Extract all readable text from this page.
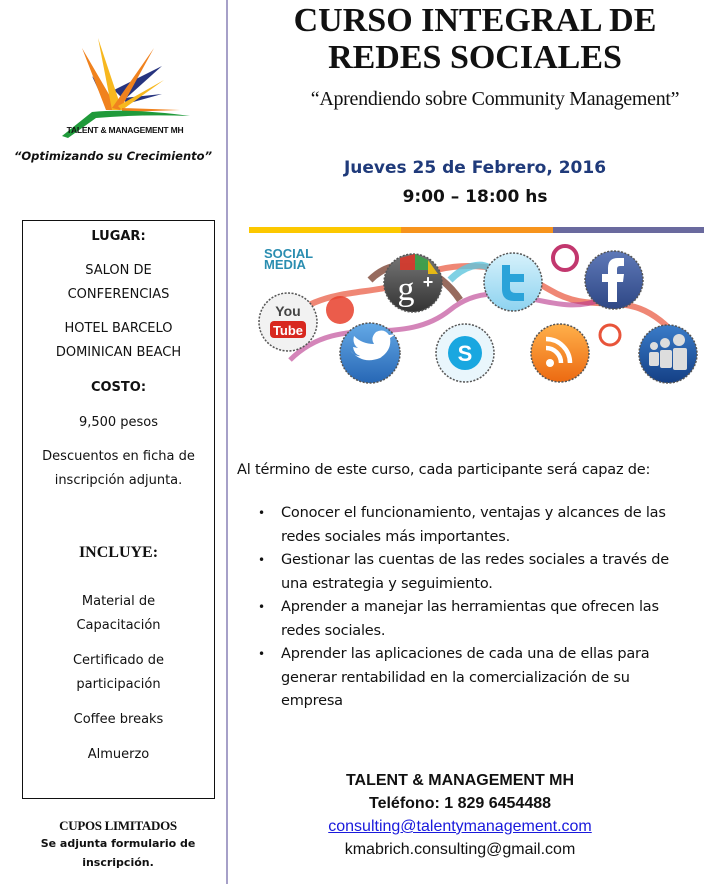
TALENT & MANAGEMENT MH
“Optimizando su Crecimiento”
LUGAR:
SALON DE
CONFERENCIAS
HOTEL BARCELO
DOMINICAN BEACH
COSTO:
9,500 pesos
Descuentos en ficha de
inscripción adjunta.
INCLUYE:
Material de
Capacitación
Certificado de
participación
Coffee breaks
Almuerzo
CUPOS LIMITADOS
Se adjunta formulario de
inscripción.
CURSO INTEGRAL DE
REDES SOCIALES
“Aprendiendo sobre Community Management”
Jueves 25 de Febrero, 2016
9:00 – 18:00 hs
SOCIAL MEDIA
You
Tube
g +
S
Al término de este curso, cada participante será capaz de:
• Conocer el funcionamiento, ventajas y alcances de las
redes sociales más importantes.
• Gestionar las cuentas de las redes sociales a través de
una estrategia y seguimiento.
• Aprender a manejar las herramientas que ofrecen las
redes sociales.
• Aprender las aplicaciones de cada una de ellas para
generar rentabilidad en la comercialización de su
empresa
TALENT & MANAGEMENT MH
Teléfono: 1 829 6454488
consulting@talentymanagement.com
kmabrich.consulting@gmail.com
